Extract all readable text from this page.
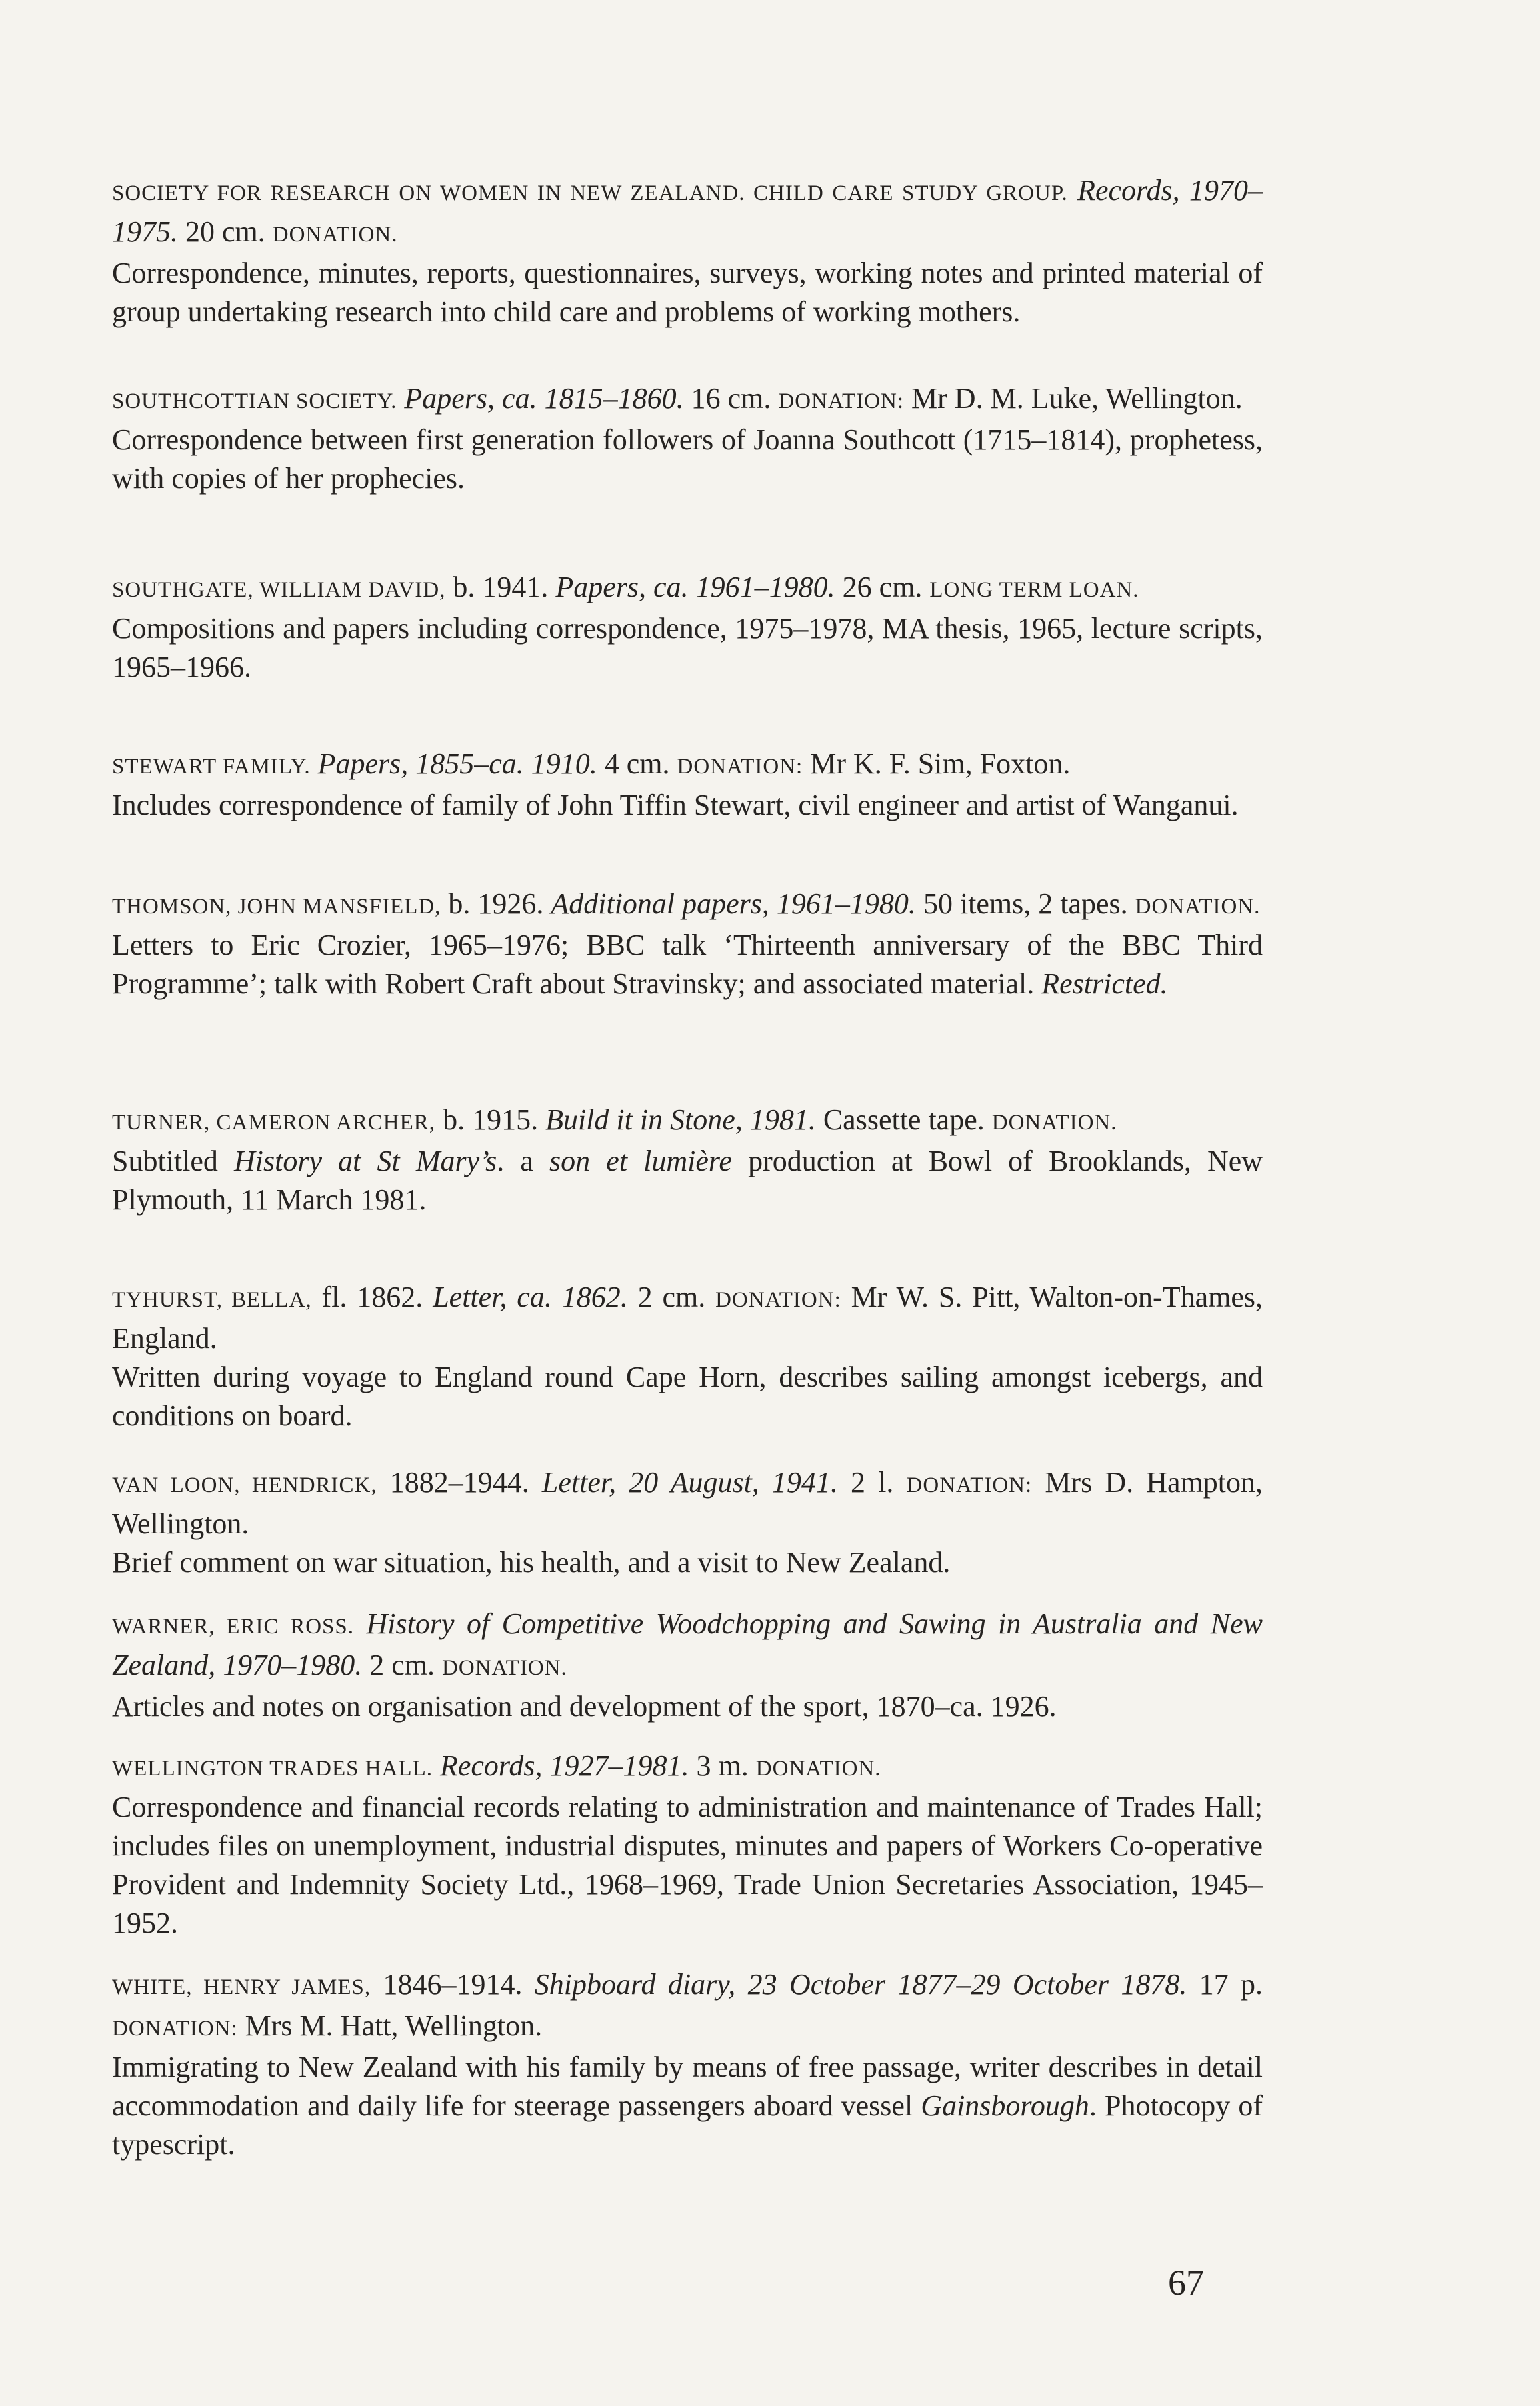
SOCIETY FOR RESEARCH ON WOMEN IN NEW ZEALAND. CHILD CARE STUDY GROUP. Records, 1970–1975. 20 cm. DONATION.

Correspondence, minutes, reports, questionnaires, surveys, working notes and printed material of group undertaking research into child care and problems of working mothers.

SOUTHCOTTIAN SOCIETY. Papers, ca. 1815–1860. 16 cm. DONATION: Mr D. M. Luke, Wellington.

Correspondence between first generation followers of Joanna Southcott (1715–1814), prophetess, with copies of her prophecies.

SOUTHGATE, WILLIAM DAVID, b. 1941. Papers, ca. 1961–1980. 26 cm. LONG TERM LOAN.

Compositions and papers including correspondence, 1975–1978, MA thesis, 1965, lecture scripts, 1965–1966.

STEWART FAMILY. Papers, 1855–ca. 1910. 4 cm. DONATION: Mr K. F. Sim, Foxton.

Includes correspondence of family of John Tiffin Stewart, civil engineer and artist of Wanganui.

THOMSON, JOHN MANSFIELD, b. 1926. Additional papers, 1961–1980. 50 items, 2 tapes. DONATION.

Letters to Eric Crozier, 1965–1976; BBC talk ‘Thirteenth anniversary of the BBC Third Programme’; talk with Robert Craft about Stravinsky; and associated material. Restricted.

TURNER, CAMERON ARCHER, b. 1915. Build it in Stone, 1981. Cassette tape. DONATION.

Subtitled History at St Mary’s. a son et lumière production at Bowl of Brooklands, New Plymouth, 11 March 1981.

TYHURST, BELLA, fl. 1862. Letter, ca. 1862. 2 cm. DONATION: Mr W. S. Pitt, Walton-on-Thames, England.

Written during voyage to England round Cape Horn, describes sailing amongst icebergs, and conditions on board.

VAN LOON, HENDRICK, 1882–1944. Letter, 20 August, 1941. 2 l. DONATION: Mrs D. Hampton, Wellington.

Brief comment on war situation, his health, and a visit to New Zealand.

WARNER, ERIC ROSS. History of Competitive Woodchopping and Sawing in Australia and New Zealand, 1970–1980. 2 cm. DONATION.

Articles and notes on organisation and development of the sport, 1870–ca. 1926.

WELLINGTON TRADES HALL. Records, 1927–1981. 3 m. DONATION.

Correspondence and financial records relating to administration and maintenance of Trades Hall; includes files on unemployment, industrial disputes, minutes and papers of Workers Co-operative Provident and Indemnity Society Ltd., 1968–1969, Trade Union Secretaries Association, 1945–1952.

WHITE, HENRY JAMES, 1846–1914. Shipboard diary, 23 October 1877–29 October 1878. 17 p. DONATION: Mrs M. Hatt, Wellington.

Immigrating to New Zealand with his family by means of free passage, writer describes in detail accommodation and daily life for steerage passengers aboard vessel Gainsborough. Photocopy of typescript.

67
